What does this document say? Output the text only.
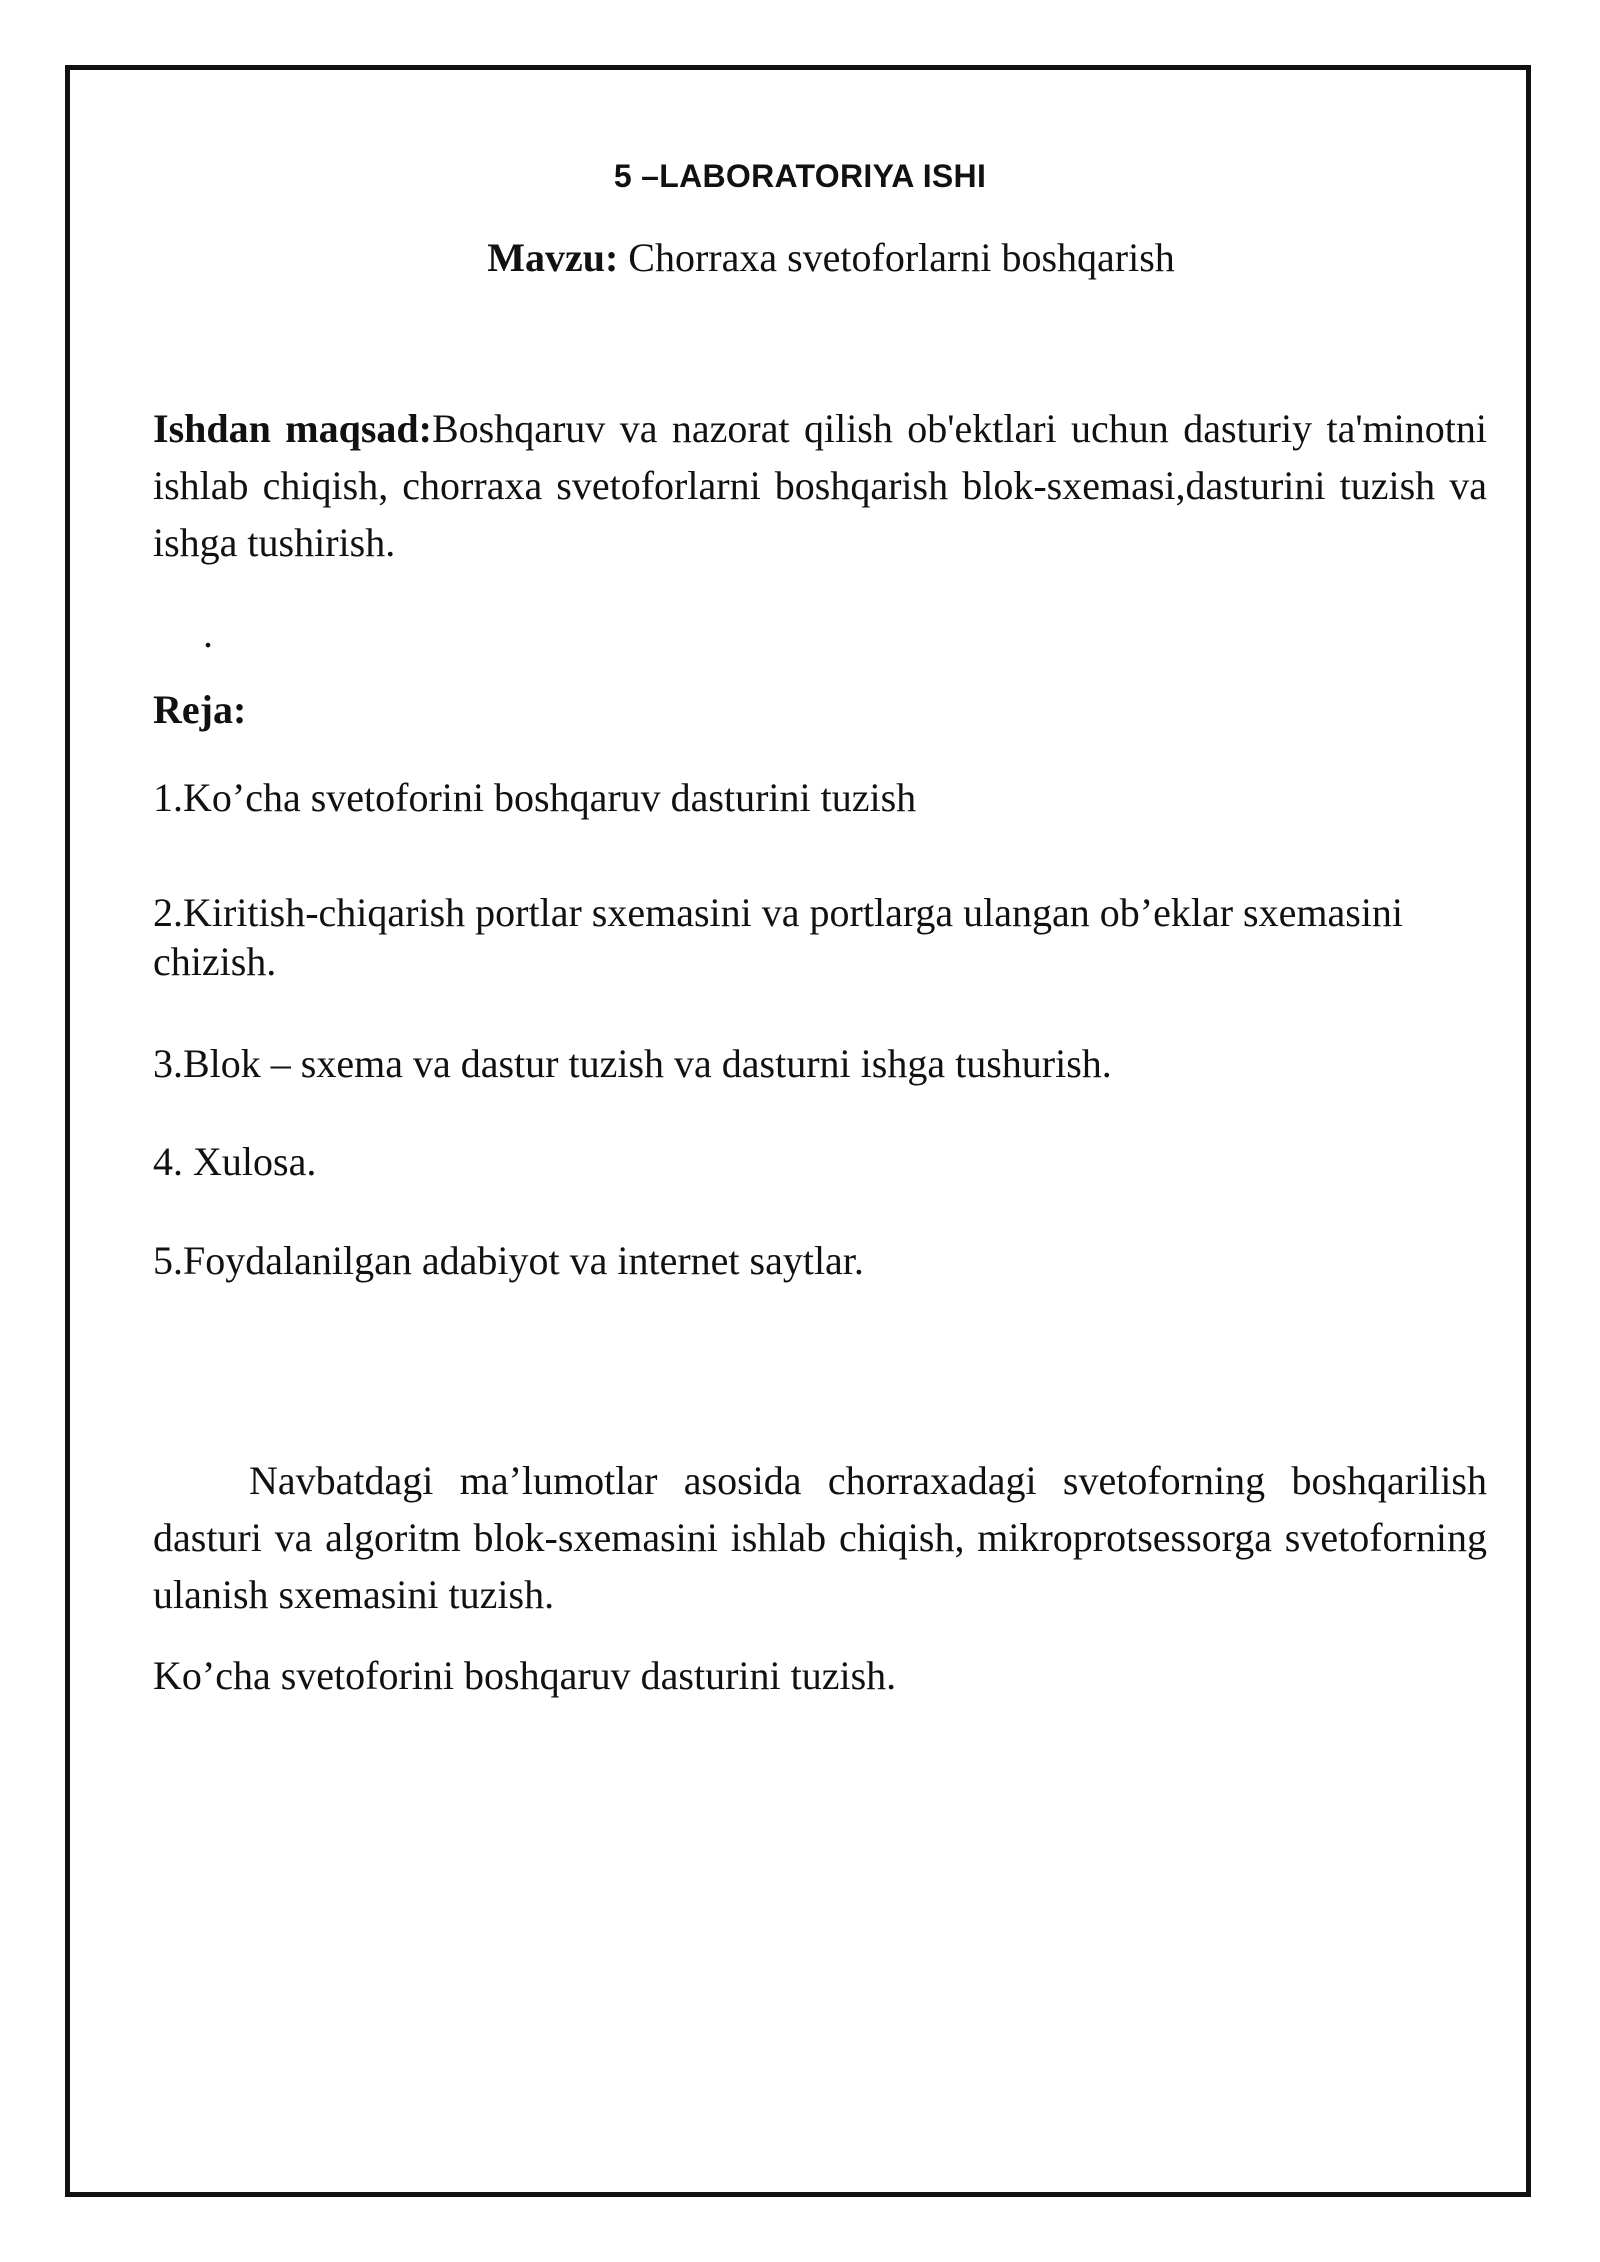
5 –LABORATORIYA ISHI
Mavzu: Chorraxa svetoforlarni boshqarish
Ishdan maqsad:Boshqaruv va nazorat qilish ob'ektlari uchun dasturiy ta'minotni ishlab chiqish, chorraxa svetoforlarni boshqarish blok-sxemasi,dasturini tuzish va ishga tushirish.
.
Reja:
1.Ko’cha svetoforini boshqaruv dasturini tuzish
2.Kiritish-chiqarish portlar sxemasini va portlarga ulangan ob’eklar sxemasini chizish.
3.Blok – sxema va dastur tuzish va dasturni ishga tushurish.
4. Xulosa.
5.Foydalanilgan adabiyot va internet saytlar.
Navbatdagi ma’lumotlar asosida chorraxadagi svetoforning boshqarilish dasturi va algoritm blok-sxemasini ishlab chiqish, mikroprotsessorga svetoforning ulanish sxemasini tuzish.
Ko’cha svetoforini boshqaruv dasturini tuzish.
